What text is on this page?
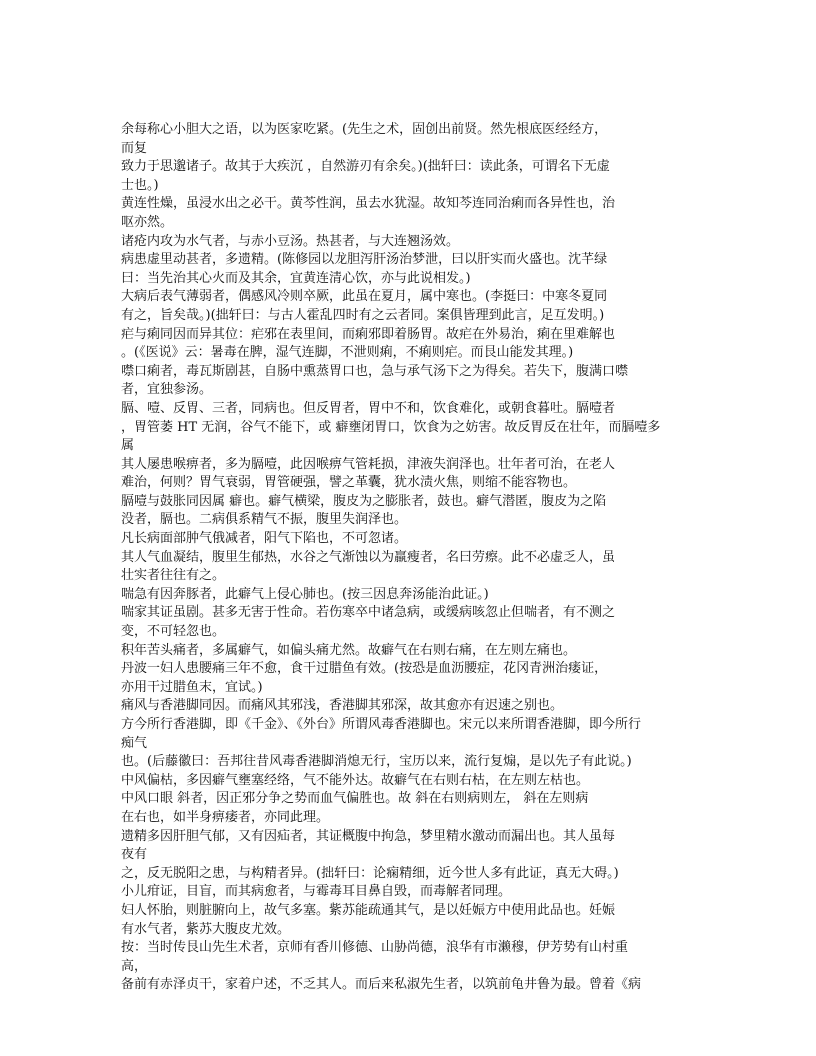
余每称心小胆大之语，以为医家吃紧。(先生之术，固创出前贤。然先根底医经经方，
而复
致力于思邈诸子。故其于大疾沉 ，自然游刃有余矣。)(拙轩曰：读此条，可谓名下无虚
士也。)
黄连性燥，虽浸水出之必干。黄芩性润，虽去水犹湿。故知芩连同治痢而各异性也，治
呕亦然。
诸疮内攻为水气者，与赤小豆汤。热甚者，与大连翘汤效。
病患虚里动甚者，多遗精。(陈修园以龙胆泻肝汤治梦泄，曰以肝实而火盛也。沈芊绿
曰：当先治其心火而及其余，宜黄连清心饮，亦与此说相发。)
大病后表气薄弱者，偶感风冷则卒厥，此虽在夏月，属中寒也。(李挺曰：中寒冬夏同
有之，旨矣哉。)(拙轩曰：与古人霍乱四时有之云者同。案俱皆理到此言，足互发明。)
疟与痢同因而异其位：疟邪在表里间，而痢邪即着肠胃。故疟在外易治，痢在里难解也
。(《医说》云：暑毒在脾，湿气连脚，不泄则痢，不痢则疟。而艮山能发其理。)
噤口痢者，毒瓦斯剧甚，自肠中熏蒸胃口也，急与承气汤下之为得矣。若失下，腹满口噤
者，宜独参汤。
膈、噎、反胃、三者，同病也。但反胃者，胃中不和，饮食难化，或朝食暮吐。膈噎者
，胃管萎 HT 无润，谷气不能下，或 癖壅闭胃口，饮食为之妨害。故反胃反在壮年，而膈噎多
属
其人屡患喉痹者，多为膈噎，此因喉痹气管耗损，津液失润泽也。壮年者可治，在老人
难治，何则？胃气衰弱，胃管硬强，譬之革囊，犹水渍火焦，则缩不能容物也。
膈噎与鼓胀同因属 癖也。癖气横梁，腹皮为之膨胀者，鼓也。癖气潜匿，腹皮为之陷
没者，膈也。二病俱系精气不振，腹里失润泽也。
凡长病面部肿气俄减者，阳气下陷也，不可忽诸。
其人气血凝结，腹里生郁热，水谷之气渐蚀以为羸瘦者，名曰劳瘵。此不必虚乏人，虽
壮实者往往有之。
喘急有因奔豚者，此癖气上侵心肺也。(按三因息奔汤能治此证。)
喘家其证虽剧。甚多无害于性命。若伤寒卒中诸急病，或缓病咳忽止但喘者，有不测之
变，不可轻忽也。
积年苦头痛者，多属癖气，如偏头痛尤然。故癖气在右则右痛，在左则左痛也。
丹波一妇人患腰痛三年不愈，食干过腊鱼有效。(按恐是血沥腰症，花冈青洲治瘘证，
亦用干过腊鱼末，宜试。)
痛风与香港脚同因。而痛风其邪浅，香港脚其邪深，故其愈亦有迟速之别也。
方今所行香港脚，即《千金》、《外台》所谓风毒香港脚也。宋元以来所谓香港脚，即今所行
痴气
也。(后藤徽曰：吾邦往昔风毒香港脚消熄无行，宝历以来，流行复煽，是以先子有此说。)
中风偏枯，多因癖气壅塞经络，气不能外达。故癖气在右则右枯，在左则左枯也。
中风口眼 斜者，因正邪分争之势而血气偏胜也。故 斜在右则病则左， 斜在左则病
在右也，如半身痹痿者，亦同此理。
遗精多因肝胆气郁，又有因疝者，其证概腹中拘急，梦里精水激动而漏出也。其人虽每
夜有
之，反无脱阳之患，与构精者异。(拙轩曰：论痫精细，近今世人多有此证，真无大碍。)
小儿疳证，目盲，而其病愈者，与霉毒耳目鼻自毁，而毒解者同理。
妇人怀胎，则脏腑向上，故气多塞。紫苏能疏通其气，是以妊娠方中使用此品也。妊娠
有水气者，紫苏大腹皮尤效。
按：当时传艮山先生术者，京师有香川修德、山胁尚德，浪华有市濑穆，伊芳势有山村重
高，
备前有赤泽贞干，家着户述，不乏其人。而后来私淑先生者，以筑前龟井鲁为最。曾着《病
